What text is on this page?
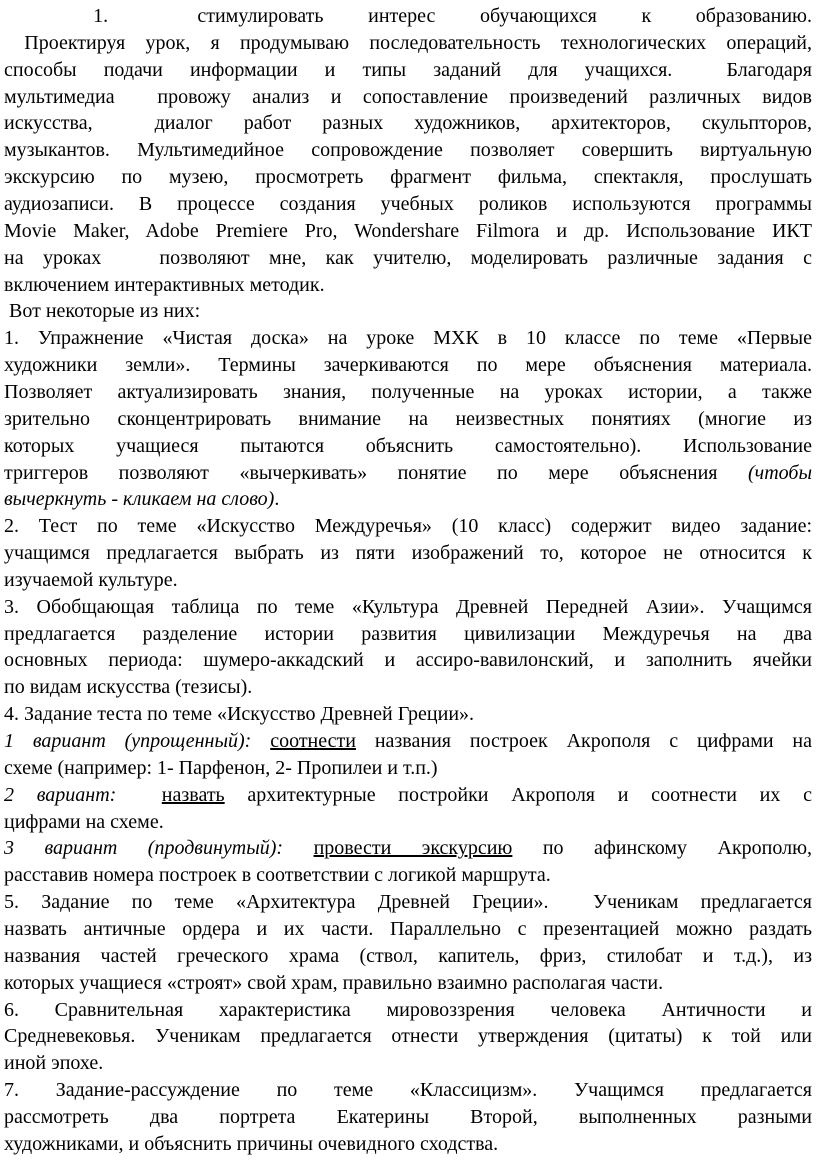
1.  стимулировать интерес обучающихся к образованию.
Проектируя урок, я продумываю последовательность технологических операций,
способы подачи информации и типы заданий для учащихся.  Благодаря
мультимедиа  провожу анализ и сопоставление произведений различных видов
искусства,  диалог работ разных художников, архитекторов, скульпторов,
музыкантов. Мультимедийное сопровождение позволяет совершить виртуальную
экскурсию по музею, просмотреть фрагмент фильма, спектакля, прослушать
аудиозаписи. В процессе создания учебных роликов используются программы
Movie Maker, Adobe Premiere Pro, Wondershare Filmora и др. Использование ИКТ
на уроках   позволяют мне, как учителю, моделировать различные задания с
включением интерактивных методик.
Вот некоторые из них:
1. Упражнение «Чистая доска» на уроке МХК в 10 классе по теме «Первые
художники земли». Термины зачеркиваются по мере объяснения материала.
Позволяет актуализировать знания, полученные на уроках истории, а также
зрительно сконцентрировать внимание на неизвестных понятиях (многие из
которых учащиеся пытаются объяснить самостоятельно). Использование
триггеров позволяют «вычеркивать» понятие по мере объяснения (чтобы
вычеркнуть - кликаем на слово).
2. Тест по теме «Искусство Междуречья» (10 класс) содержит видео задание:
учащимся предлагается выбрать из пяти изображений то, которое не относится к
изучаемой культуре.
3. Обобщающая таблица по теме «Культура Древней Передней Азии». Учащимся
предлагается разделение истории развития цивилизации Междуречья на два
основных периода: шумеро-аккадский и ассиро-вавилонский, и заполнить ячейки
по видам искусства (тезисы).
4. Задание теста по теме «Искусство Древней Греции».
1 вариант (упрощенный): соотнести названия построек Акрополя с цифрами на
схеме (например: 1- Парфенон, 2- Пропилеи и т.п.)
2 вариант: назвать архитектурные постройки Акрополя и соотнести их с
цифрами на схеме.
3 вариант (продвинутый): провести экскурсию по афинскому Акрополю,
расставив номера построек в соответствии с логикой маршрута.
5. Задание по теме «Архитектура Древней Греции».  Ученикам предлагается
назвать античные ордера и их части. Параллельно с презентацией можно раздать
названия частей греческого храма (ствол, капитель, фриз, стилобат и т.д.), из
которых учащиеся «строят» свой храм, правильно взаимно располагая части.
6. Сравнительная характеристика мировоззрения человека Античности и
Средневековья. Ученикам предлагается отнести утверждения (цитаты) к той или
иной эпохе.
7. Задание-рассуждение по теме «Классицизм». Учащимся предлагается
рассмотреть два портрета Екатерины Второй, выполненных разными
художниками, и объяснить причины очевидного сходства.
